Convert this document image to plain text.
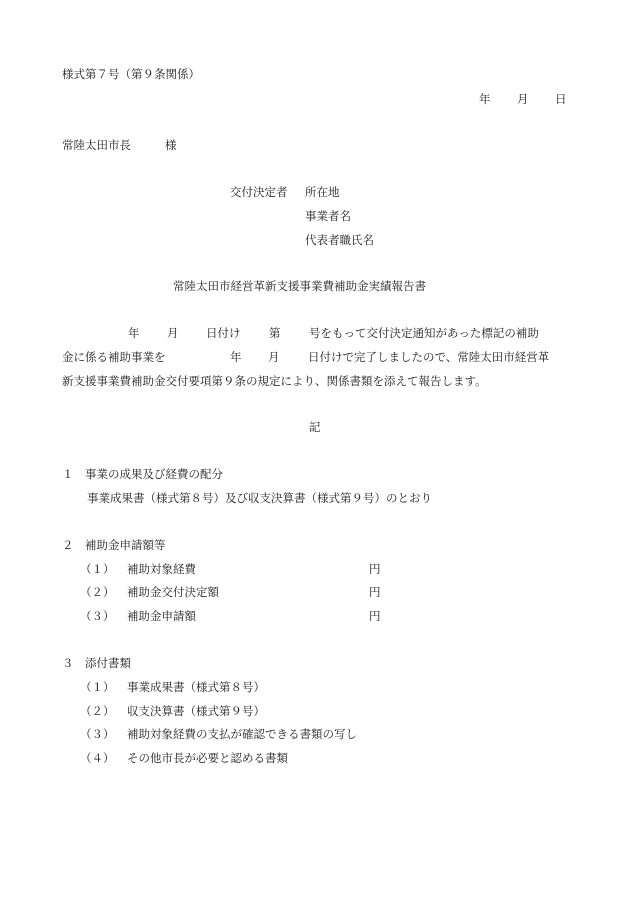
様式第７号（第９条関係）
年 月 日
常陸太田市長	様
交付決定者 所在地
事業者名
代表者職氏名
常陸太田市経営革新支援事業費補助金実績報告書
年 月 日付け 第 号をもって交付決定通知があった標記の補助
金に係る補助事業を	年 月 日付けで完了しましたので、常陸太田市経営革
新支援事業費補助金交付要項第９条の規定により、関係書類を添えて報告します。
記
１　事業の成果及び経費の配分
事業成果書（様式第８号）及び収支決算書（様式第９号）のとおり
２　補助金申請額等
（１） 補助対象経費	円
（２） 補助金交付決定額	円
（３） 補助金申請額	円
３　添付書類
（１） 事業成果書（様式第８号）
（２） 収支決算書（様式第９号）
（３） 補助対象経費の支払が確認できる書類の写し
（４） その他市長が必要と認める書類
